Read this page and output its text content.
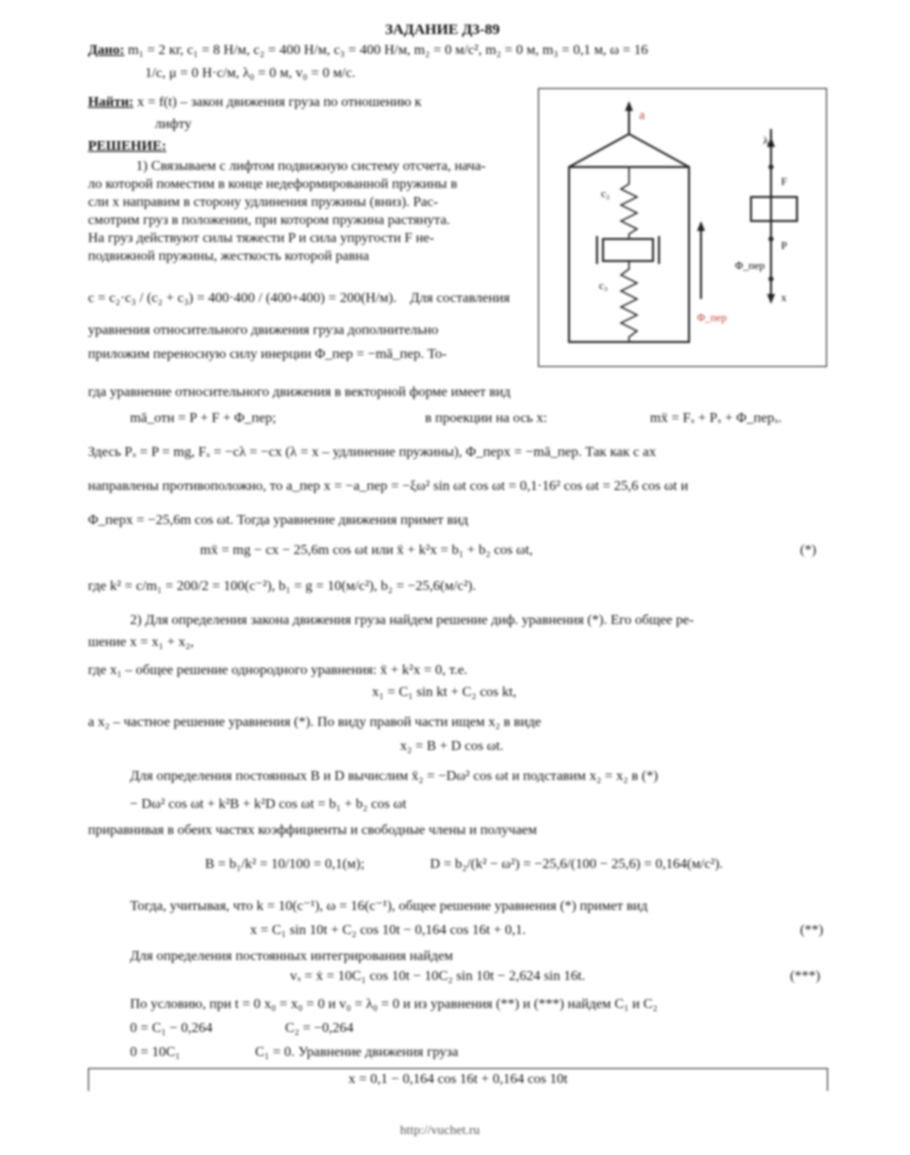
ЗАДАНИЕ Д3-89
Дано: m₁ = 2 кг, c₁ = 8 Н/м, c₂ = 400 Н/м, c₃ = 400 Н/м, m₂ = 0 м/с², m₂ = 0 м, m₃ = 0,1 м, ω = 16
1/с, μ = 0 Н·с/м, λ₀ = 0 м, v₀ = 0 м/с.
Найти: x = f(t) – закон движения груза по отношению к
лифту
РЕШЕНИЕ:
1) Связываем с лифтом подвижную систему отсчета, нача-
ло которой поместим в конце недеформированной пружины в
сли x направим в сторону удлинения пружины (вниз). Рас-
смотрим груз в положении, при котором пружина растянута.
На груз действуют силы тяжести P и сила упругости F не-
подвижной пружины, жесткость которой равна
c = c₂·c₃ / (c₂ + c₃) = 400·400 / (400+400) = 200(Н/м). Для составления
уравнения относительного движения груза дополнительно
приложим переносную силу инерции Φ_пер = −mā_пер. То-
a
c₂
c₃
Φ_пер
λ₀
F
P
Φ_пер
x
гда уравнение относительного движения в векторной форме имеет вид
mā_отн = P + F + Φ_пер;	в проекции на ось x:	mẍ = Fₓ + Pₓ + Φ_перₓ.
Здесь Pₓ = P = mg, Fₓ = −cλ = −cx (λ = x – удлинение пружины), Φ_перx = −mā_пер. Так как с ax
направлены противоположно, то a_пер x = −a_пер = −ξω² sin ωt cos ωt = 0,1·16² cos ωt = 25,6 cos ωt и
Φ_перx = −25,6m cos ωt. Тогда уравнение движения примет вид
mẍ = mg − cx − 25,6m cos ωt или ẍ + k²x = b₁ + b₂ cos ωt,	(*)
где k² = c/m₁ = 200/2 = 100(с⁻²), b₁ = g = 10(м/с²), b₂ = −25,6(м/с²).
2) Для определения закона движения груза найдем решение диф. уравнения (*). Его общее ре-
шение x = x₁ + x₂,
где x₁ – общее решение однородного уравнения: ẍ + k²x = 0, т.е.
x₁ = C₁ sin kt + C₂ cos kt,
а x₂ – частное решение уравнения (*). По виду правой части ищем x₂ в виде
x₂ = B + D cos ωt.
Для определения постоянных B и D вычислим ẍ₂ = −Dω² cos ωt и подставим x₂ = x₂ в (*)
− Dω² cos ωt + k²B + k²D cos ωt = b₁ + b₂ cos ωt
приравнивая в обеих частях коэффициенты и свободные члены и получаем
B = b₁/k² = 10/100 = 0,1(м);	D = b₂/(k² − ω²) = −25,6/(100 − 25,6) = 0,164(м/с²).
Тогда, учитывая, что k = 10(с⁻¹), ω = 16(с⁻¹), общее решение уравнения (*) примет вид
x = C₁ sin 10t + C₂ cos 10t − 0,164 cos 16t + 0,1.	(**)
Для определения постоянных интегрирования найдем
vₓ = ẋ = 10C₁ cos 10t − 10C₂ sin 10t − 2,624 sin 16t.	(***)
По условию, при t = 0 x₀ = x₀ = 0 и v₀ = λ₀ = 0 и из уравнения (**) и (***) найдем C₁ и C₂
0 = C₁ − 0,264	C₂ = −0,264
0 = 10C₁	C₁ = 0. Уравнение движения груза
x = 0,1 − 0,164 cos 16t + 0,164 cos 10t
http://vuchet.ru
